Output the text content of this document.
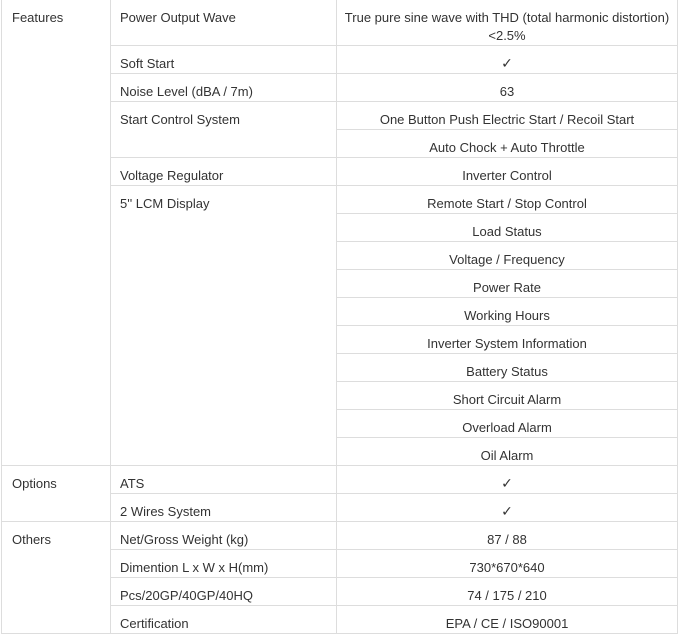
Features	Power Output Wave	True pure sine wave with THD (total harmonic distortion) <2.5%
	Soft Start	✓
	Noise Level (dBA / 7m)	63
	Start Control System	One Button Push Electric Start / Recoil Start
		Auto Chock + Auto Throttle
	Voltage Regulator	Inverter Control
	5'' LCM Display	Remote Start / Stop Control
		Load Status
		Voltage / Frequency
		Power Rate
		Working Hours
		Inverter System Information
		Battery Status
		Short Circuit Alarm
		Overload Alarm
		Oil Alarm
Options	ATS	✓
	2 Wires System	✓
Others	Net/Gross Weight (kg)	87 / 88
	Dimention L x W x H(mm)	730*670*640
	Pcs/20GP/40GP/40HQ	74 / 175 / 210
	Certification	EPA / CE / ISO90001
